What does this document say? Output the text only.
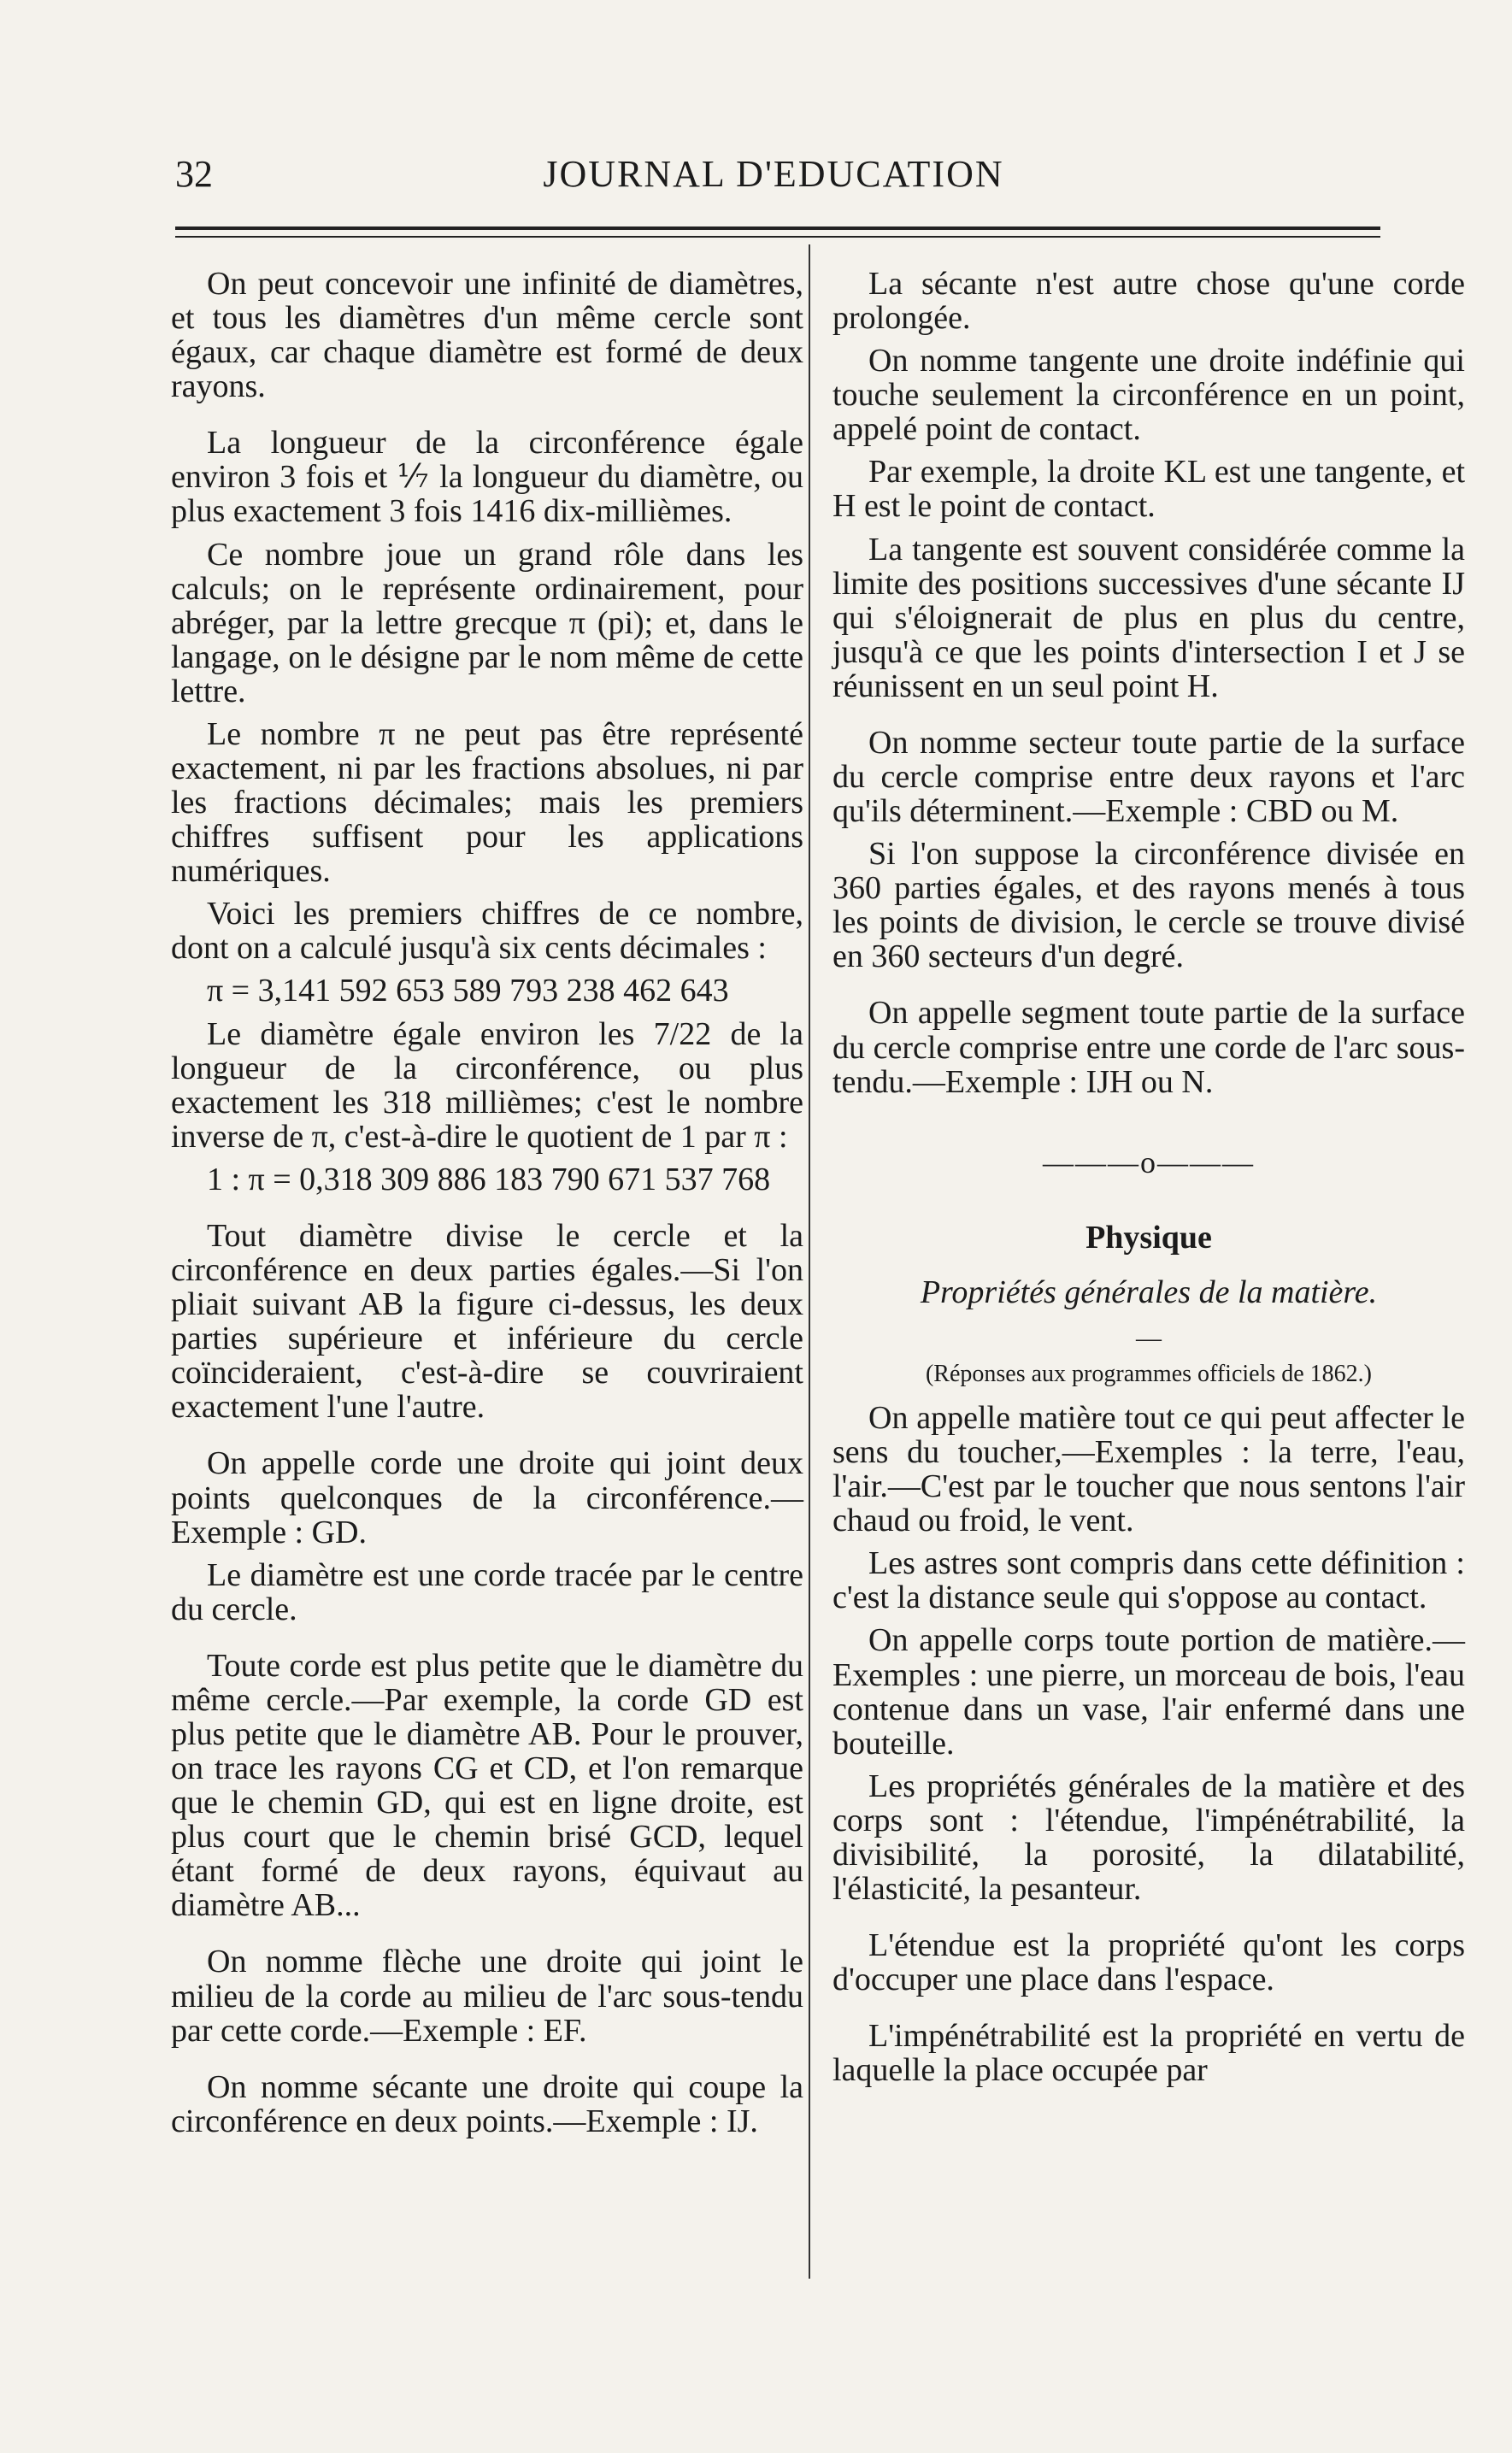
32	JOURNAL D'EDUCATION

On peut concevoir une infinité de diamètres, et tous les diamètres d'un même cercle sont égaux, car chaque diamètre est formé de deux rayons.

La longueur de la circonférence égale environ 3 fois et ⅐ la longueur du diamètre, ou plus exactement 3 fois 1416 dix-millièmes.

Ce nombre joue un grand rôle dans les calculs; on le représente ordinairement, pour abréger, par la lettre grecque π (pi); et, dans le langage, on le désigne par le nom même de cette lettre.

Le nombre π ne peut pas être représenté exactement, ni par les fractions absolues, ni par les fractions décimales; mais les premiers chiffres suffisent pour les applications numériques.

Voici les premiers chiffres de ce nombre, dont on a calculé jusqu'à six cents décimales :

π = 3,141 592 653 589 793 238 462 643

Le diamètre égale environ les 7/22 de la longueur de la circonférence, ou plus exactement les 318 millièmes; c'est le nombre inverse de π, c'est-à-dire le quotient de 1 par π :

1 : π = 0,318 309 886 183 790 671 537 768

Tout diamètre divise le cercle et la circonférence en deux parties égales.—Si l'on pliait suivant AB la figure ci-dessus, les deux parties supérieure et inférieure du cercle coïncideraient, c'est-à-dire se couvriraient exactement l'une l'autre.

On appelle corde une droite qui joint deux points quelconques de la circonférence.—Exemple : GD.

Le diamètre est une corde tracée par le centre du cercle.

Toute corde est plus petite que le diamètre du même cercle.—Par exemple, la corde GD est plus petite que le diamètre AB. Pour le prouver, on trace les rayons CG et CD, et l'on remarque que le chemin GD, qui est en ligne droite, est plus court que le chemin brisé GCD, lequel étant formé de deux rayons, équivaut au diamètre AB...

On nomme flèche une droite qui joint le milieu de la corde au milieu de l'arc sous-tendu par cette corde.—Exemple : EF.

On nomme sécante une droite qui coupe la circonférence en deux points.—Exemple : IJ.

La sécante n'est autre chose qu'une corde prolongée.

On nomme tangente une droite indéfinie qui touche seulement la circonférence en un point, appelé point de contact.

Par exemple, la droite KL est une tangente, et H est le point de contact.

La tangente est souvent considérée comme la limite des positions successives d'une sécante IJ qui s'éloignerait de plus en plus du centre, jusqu'à ce que les points d'intersection I et J se réunissent en un seul point H.

On nomme secteur toute partie de la surface du cercle comprise entre deux rayons et l'arc qu'ils déterminent.—Exemple : CBD ou M.

Si l'on suppose la circonférence divisée en 360 parties égales, et des rayons menés à tous les points de division, le cercle se trouve divisé en 360 secteurs d'un degré.

On appelle segment toute partie de la surface du cercle comprise entre une corde de l'arc sous-tendu.—Exemple : IJH ou N.

———o———
Physique
Propriétés générales de la matière.
—
(Réponses aux programmes officiels de 1862.)

On appelle matière tout ce qui peut affecter le sens du toucher,—Exemples : la terre, l'eau, l'air.—C'est par le toucher que nous sentons l'air chaud ou froid, le vent.

Les astres sont compris dans cette définition : c'est la distance seule qui s'oppose au contact.

On appelle corps toute portion de matière.—Exemples : une pierre, un morceau de bois, l'eau contenue dans un vase, l'air enfermé dans une bouteille.

Les propriétés générales de la matière et des corps sont : l'étendue, l'impénétrabilité, la divisibilité, la porosité, la dilatabilité, l'élasticité, la pesanteur.

L'étendue est la propriété qu'ont les corps d'occuper une place dans l'espace.

L'impénétrabilité est la propriété en vertu de laquelle la place occupée par
